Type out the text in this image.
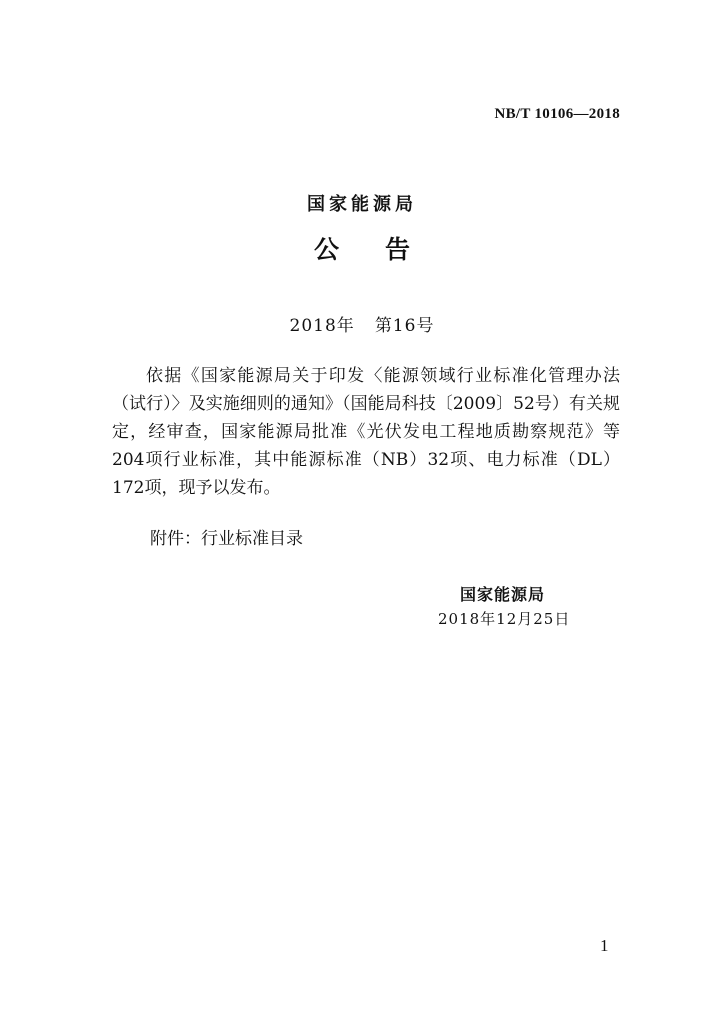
NB/T 10106—2018
国家能源局
公告
2018年 第16号
依据《国家能源局关于印发〈能源领域行业标准化管理办法（试行）〉及实施细则的通知》（国能局科技〔2009〕52号）有关规定，经审查，国家能源局批准《光伏发电工程地质勘察规范》等204项行业标准，其中能源标准（NB）32项、电力标准（DL）172项，现予以发布。
附件：行业标准目录
国家能源局
2018年12月25日
1
